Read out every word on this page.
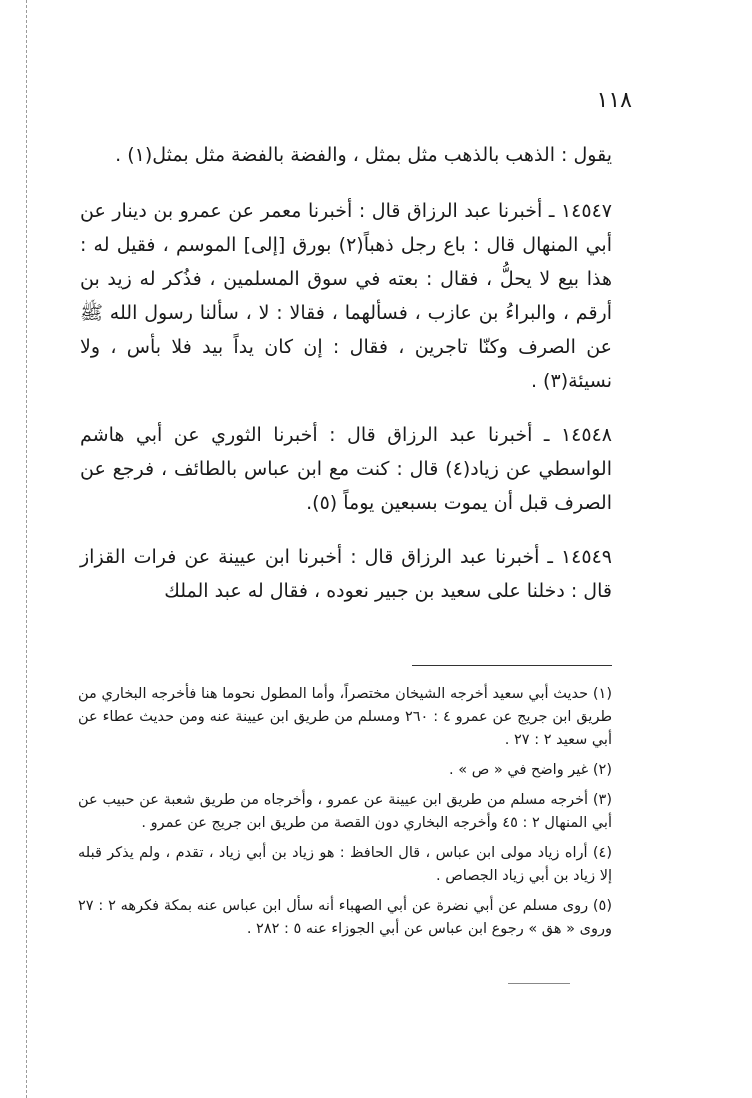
١١٨

يقول : الذهب بالذهب مثل بمثل ، والفضة بالفضة مثل بمثل(١) .

١٤٥٤٧ ـ أخبرنا عبد الرزاق قال : أخبرنا معمر عن عمرو بن دينار عن أبي المنهال قال : باع رجل ذهباً(٢) بورق [إلى] الموسم ، فقيل له : هذا بيع لا يحلُّ ، فقال : بعته في سوق المسلمين ، فذُكر له زيد بن أرقم ، والبراءُ بن عازب ، فسألهما ، فقالا : لا ، سألنا رسول الله ﷺ عن الصرف وكنّا تاجرين ، فقال : إن كان يداً بيد فلا بأس ، ولا نسيئة(٣) .

١٤٥٤٨ ـ أخبرنا عبد الرزاق قال : أخبرنا الثوري عن أبي هاشم الواسطي عن زياد(٤) قال : كنت مع ابن عباس بالطائف ، فرجع عن الصرف قبل أن يموت بسبعين يوماً (٥).

١٤٥٤٩ ـ أخبرنا عبد الرزاق قال : أخبرنا ابن عيينة عن فرات القزاز قال : دخلنا على سعيد بن جبير نعوده ، فقال له عبد الملك

(١) حديث أبي سعيد أخرجه الشيخان مختصراً، وأما المطول نحوما هنا فأخرجه البخاري من طريق ابن جريج عن عمرو ٤ : ٢٦٠ ومسلم من طريق ابن عيينة عنه ومن حديث عطاء عن أبي سعيد ٢ : ٢٧ .

(٢) غير واضح في « ص » .

(٣) أخرجه مسلم من طريق ابن عيينة عن عمرو ، وأخرجاه من طريق شعبة عن حبيب عن أبي المنهال ٢ : ٤٥ وأخرجه البخاري دون القصة من طريق ابن جريج عن عمرو .

(٤) أراه زياد مولى ابن عباس ، قال الحافظ : هو زياد بن أبي زياد ، تقدم ، ولم يذكر قبله إلا زياد بن أبي زياد الجصاص .

(٥) روى مسلم عن أبي نضرة عن أبي الصهباء أنه سأل ابن عباس عنه بمكة فكرهه ٢ : ٢٧ وروى « هق » رجوع ابن عباس عن أبي الجوزاء عنه ٥ : ٢٨٢ .
